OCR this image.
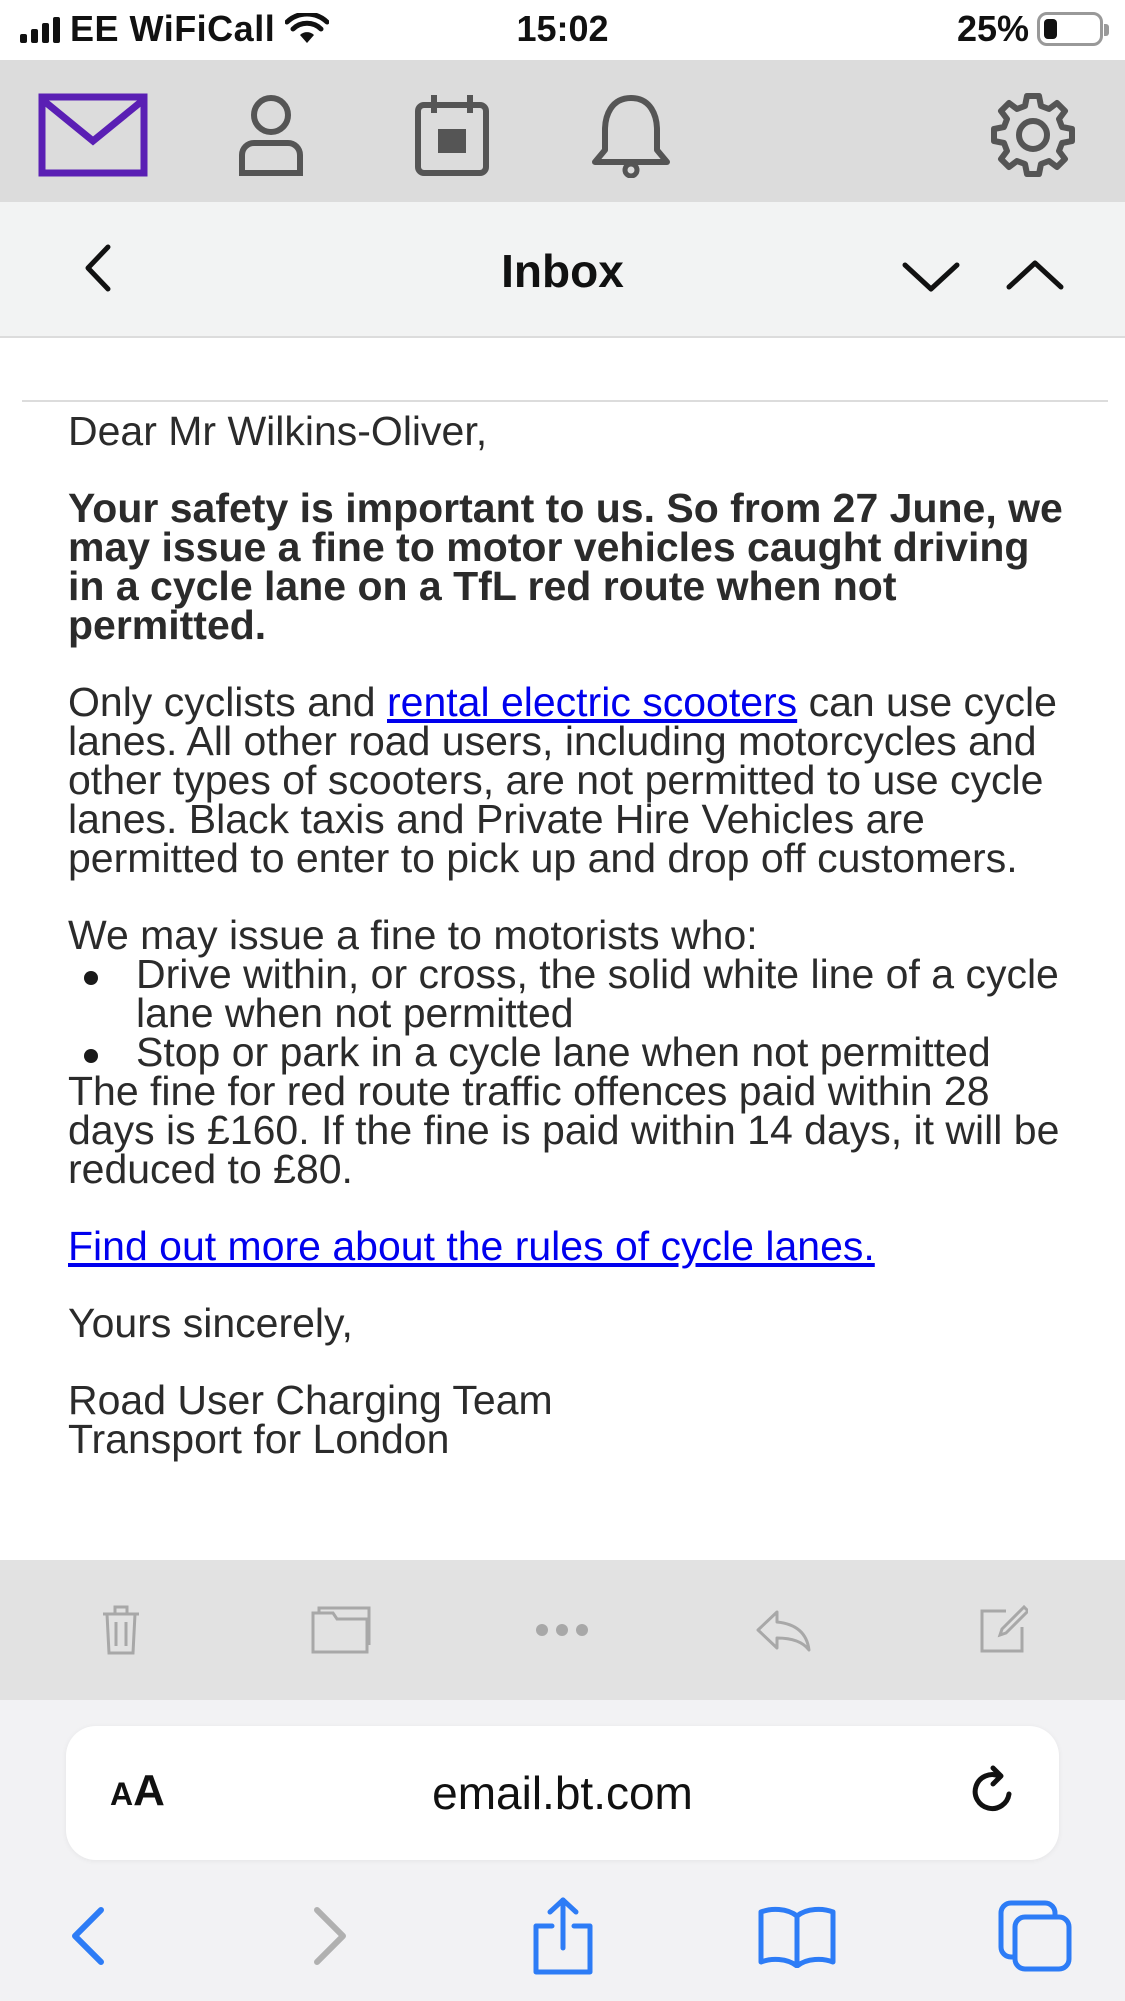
EE WiFiCall	15:02	25%
Inbox

Dear Mr Wilkins-Oliver,

Your safety is important to us. So from 27 June, we may issue a fine to motor vehicles caught driving in a cycle lane on a TfL red route when not permitted.

Only cyclists and rental electric scooters can use cycle lanes. All other road users, including motorcycles and other types of scooters, are not permitted to use cycle lanes. Black taxis and Private Hire Vehicles are permitted to enter to pick up and drop off customers.

We may issue a fine to motorists who:

Drive within, or cross, the solid white line of a cycle lane when not permitted
Stop or park in a cycle lane when not permitted

The fine for red route traffic offences paid within 28 days is £160. If the fine is paid within 14 days, it will be reduced to £80.

Find out more about the rules of cycle lanes.

Yours sincerely,

Road User Charging Team

Transport for London

AA	email.bt.com
